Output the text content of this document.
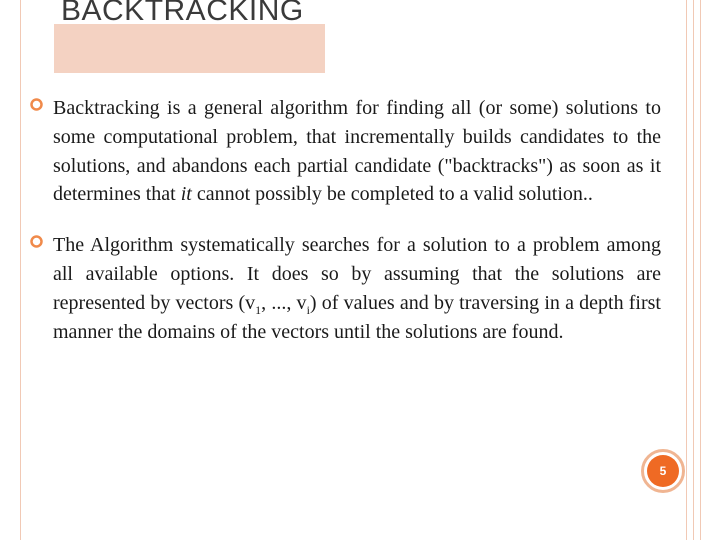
BACKTRACKING
Backtracking is a general algorithm for finding all (or some) solutions to some computational problem, that incrementally builds candidates to the solutions, and abandons each partial candidate ("backtracks") as soon as it determines that it cannot possibly be completed to a valid solution..
The Algorithm systematically searches for a solution to a problem among all available options. It does so by assuming that the solutions are represented by vectors ($v_1$, ..., $v_i$) of values and by traversing in a depth first manner the domains of the vectors until the solutions are found.
5
